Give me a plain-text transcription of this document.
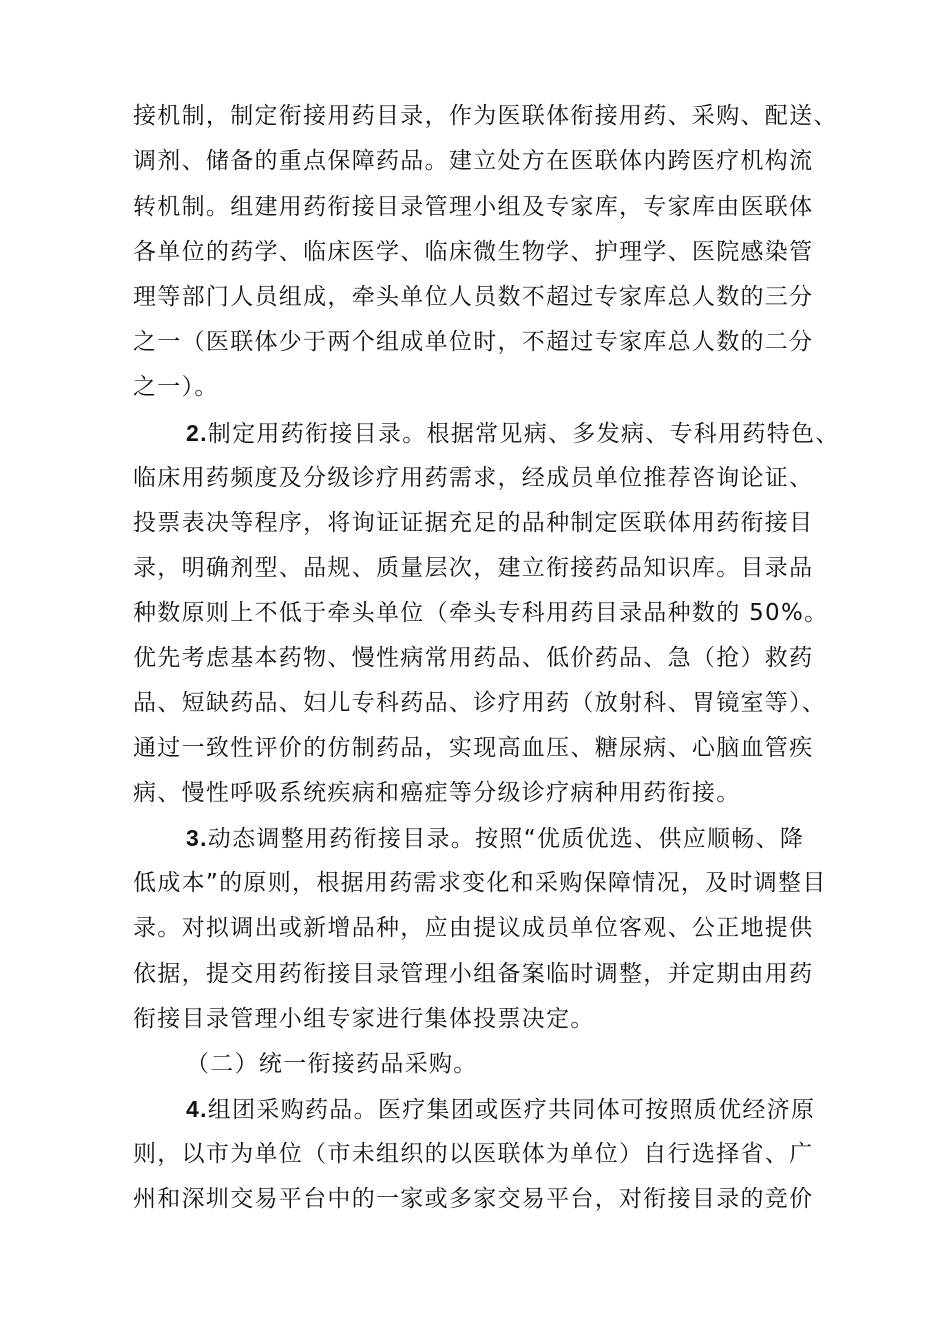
接机制，制定衔接用药目录，作为医联体衔接用药、采购、配送、
调剂、储备的重点保障药品。建立处方在医联体内跨医疗机构流
转机制。组建用药衔接目录管理小组及专家库，专家库由医联体
各单位的药学、临床医学、临床微生物学、护理学、医院感染管
理等部门人员组成，牵头单位人员数不超过专家库总人数的三分
之一（医联体少于两个组成单位时，不超过专家库总人数的二分
之一）。
2.制定用药衔接目录。根据常见病、多发病、专科用药特色、
临床用药频度及分级诊疗用药需求，经成员单位推荐咨询论证、
投票表决等程序，将询证证据充足的品种制定医联体用药衔接目
录，明确剂型、品规、质量层次，建立衔接药品知识库。目录品
种数原则上不低于牵头单位（牵头专科用药目录品种数的 50%。
优先考虑基本药物、慢性病常用药品、低价药品、急（抢）救药
品、短缺药品、妇儿专科药品、诊疗用药（放射科、胃镜室等）、
通过一致性评价的仿制药品，实现高血压、糖尿病、心脑血管疾
病、慢性呼吸系统疾病和癌症等分级诊疗病种用药衔接。
3.动态调整用药衔接目录。按照“优质优选、供应顺畅、降
低成本”的原则，根据用药需求变化和采购保障情况，及时调整目
录。对拟调出或新增品种，应由提议成员单位客观、公正地提供
依据，提交用药衔接目录管理小组备案临时调整，并定期由用药
衔接目录管理小组专家进行集体投票决定。
（二）统一衔接药品采购。
4.组团采购药品。医疗集团或医疗共同体可按照质优经济原
则，以市为单位（市未组织的以医联体为单位）自行选择省、广
州和深圳交易平台中的一家或多家交易平台，对衔接目录的竞价
